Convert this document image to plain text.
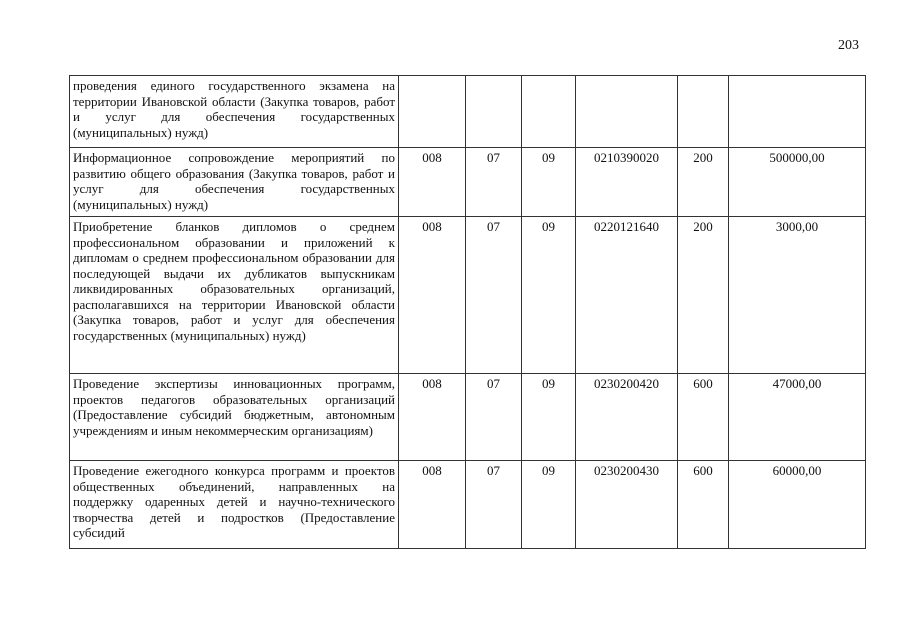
203
проведения единого государственного экзамена на территории Ивановской области (Закупка товаров, работ и услуг для обеспечения государственных (муниципальных) нужд)						
Информационное сопровождение мероприятий по развитию общего образования (Закупка товаров, работ и услуг для обеспечения государственных (муниципальных) нужд)	008	07	09	0210390020	200	500000,00
Приобретение бланков дипломов о среднем профессиональном образовании и приложений к дипломам о среднем профессиональном образовании для последующей выдачи их дубликатов выпускникам ликвидированных образовательных организаций, располагавшихся на территории Ивановской области (Закупка товаров, работ и услуг для обеспечения государственных (муниципальных) нужд)	008	07	09	0220121640	200	3000,00
Проведение экспертизы инновационных программ, проектов педагогов образовательных организаций (Предоставление субсидий бюджетным, автономным учреждениям и иным некоммерческим организациям)	008	07	09	0230200420	600	47000,00
Проведение ежегодного конкурса программ и проектов общественных объединений, направленных на поддержку одаренных детей и научно-технического творчества детей и подростков (Предоставление субсидий	008	07	09	0230200430	600	60000,00
